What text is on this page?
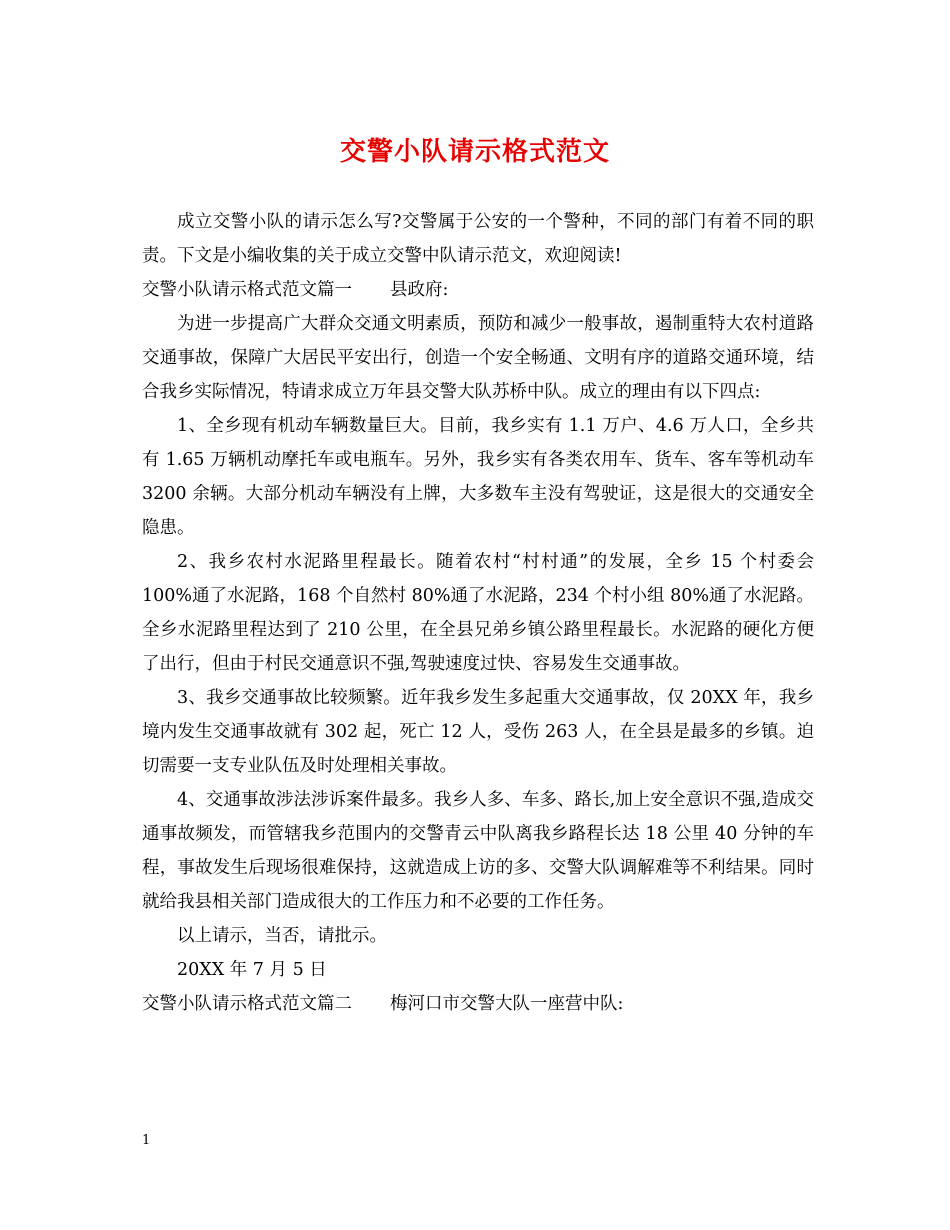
交警小队请示格式范文

成立交警小队的请示怎么写?交警属于公安的一个警种，不同的部门有着不同的职责。下文是小编收集的关于成立交警中队请示范文，欢迎阅读!

交警小队请示格式范文篇一 县政府:

为进一步提高广大群众交通文明素质，预防和减少一般事故，遏制重特大农村道路交通事故，保障广大居民平安出行，创造一个安全畅通、文明有序的道路交通环境，结合我乡实际情况，特请求成立万年县交警大队苏桥中队。成立的理由有以下四点:

1、全乡现有机动车辆数量巨大。目前，我乡实有 1.1 万户、4.6 万人口，全乡共有 1.65 万辆机动摩托车或电瓶车。另外，我乡实有各类农用车、货车、客车等机动车 3200 余辆。大部分机动车辆没有上牌，大多数车主没有驾驶证，这是很大的交通安全隐患。

2、我乡农村水泥路里程最长。随着农村“村村通”的发展，全乡 15 个村委会 100%通了水泥路，168 个自然村 80%通了水泥路，234 个村小组 80%通了水泥路。全乡水泥路里程达到了 210 公里，在全县兄弟乡镇公路里程最长。水泥路的硬化方便了出行，但由于村民交通意识不强,驾驶速度过快、容易发生交通事故。

3、我乡交通事故比较频繁。近年我乡发生多起重大交通事故，仅 20XX 年，我乡境内发生交通事故就有 302 起，死亡 12 人，受伤 263 人，在全县是最多的乡镇。迫切需要一支专业队伍及时处理相关事故。

4、交通事故涉法涉诉案件最多。我乡人多、车多、路长,加上安全意识不强,造成交通事故频发，而管辖我乡范围内的交警青云中队离我乡路程长达 18 公里 40 分钟的车程，事故发生后现场很难保持，这就造成上访的多、交警大队调解难等不利结果。同时就给我县相关部门造成很大的工作压力和不必要的工作任务。

以上请示，当否，请批示。

20XX 年 7 月 5 日

交警小队请示格式范文篇二 梅河口市交警大队一座营中队:

1
